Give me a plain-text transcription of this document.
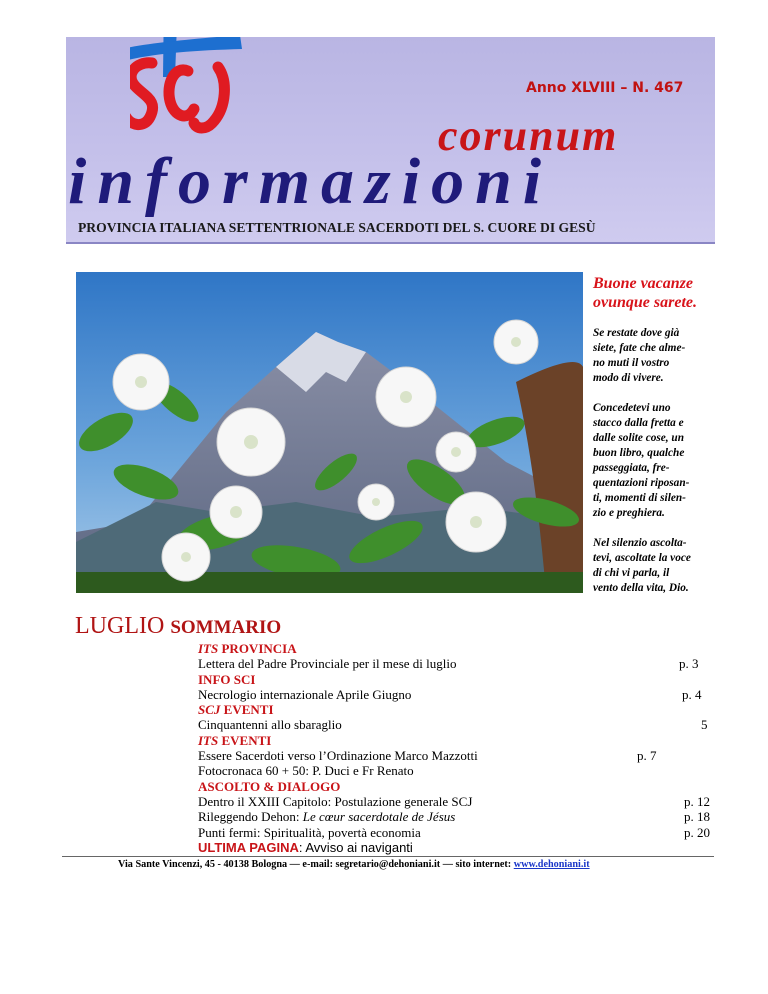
Anno XLVIII – N. 467
corunum
informazioni
PROVINCIA ITALIANA SETTENTRIONALE SACERDOTI DEL S. CUORE DI GESÙ

Buone vacanze
ovunque sarete.

Se restate dove già
siete, fate che alme-
no muti il vostro
modo di vivere.

Concedetevi uno
stacco dalla fretta e
dalle solite cose, un
buon libro, qualche
passeggiata, fre-
quentazioni riposan-
ti, momenti di silen-
zio e preghiera.

Nel silenzio ascolta-
tevi, ascoltate la voce
di chi vi parla, il
vento della vita, Dio.

LUGLIO SOMMARIO
ITS PROVINCIA
Lettera del Padre Provinciale per il mese di luglio	p. 3
INFO SCI
Necrologio internazionale Aprile Giugno	p. 4
SCJ EVENTI
Cinquantenni allo sbaraglio	5
ITS EVENTI
Essere Sacerdoti verso l’Ordinazione Marco Mazzotti	p. 7
Fotocronaca 60 + 50: P. Duci e Fr Renato
ASCOLTO & DIALOGO
Dentro il XXIII Capitolo: Postulazione generale SCJ	p. 12
Rileggendo Dehon: Le cœur sacerdotale de Jésus	p. 18
Punti fermi: Spiritualità, povertà economia	p. 20
ULTIMA PAGINA: Avviso ai naviganti
Via Sante Vincenzi, 45 - 40138 Bologna — e-mail: segretario@dehoniani.it — sito internet: www.dehoniani.it
